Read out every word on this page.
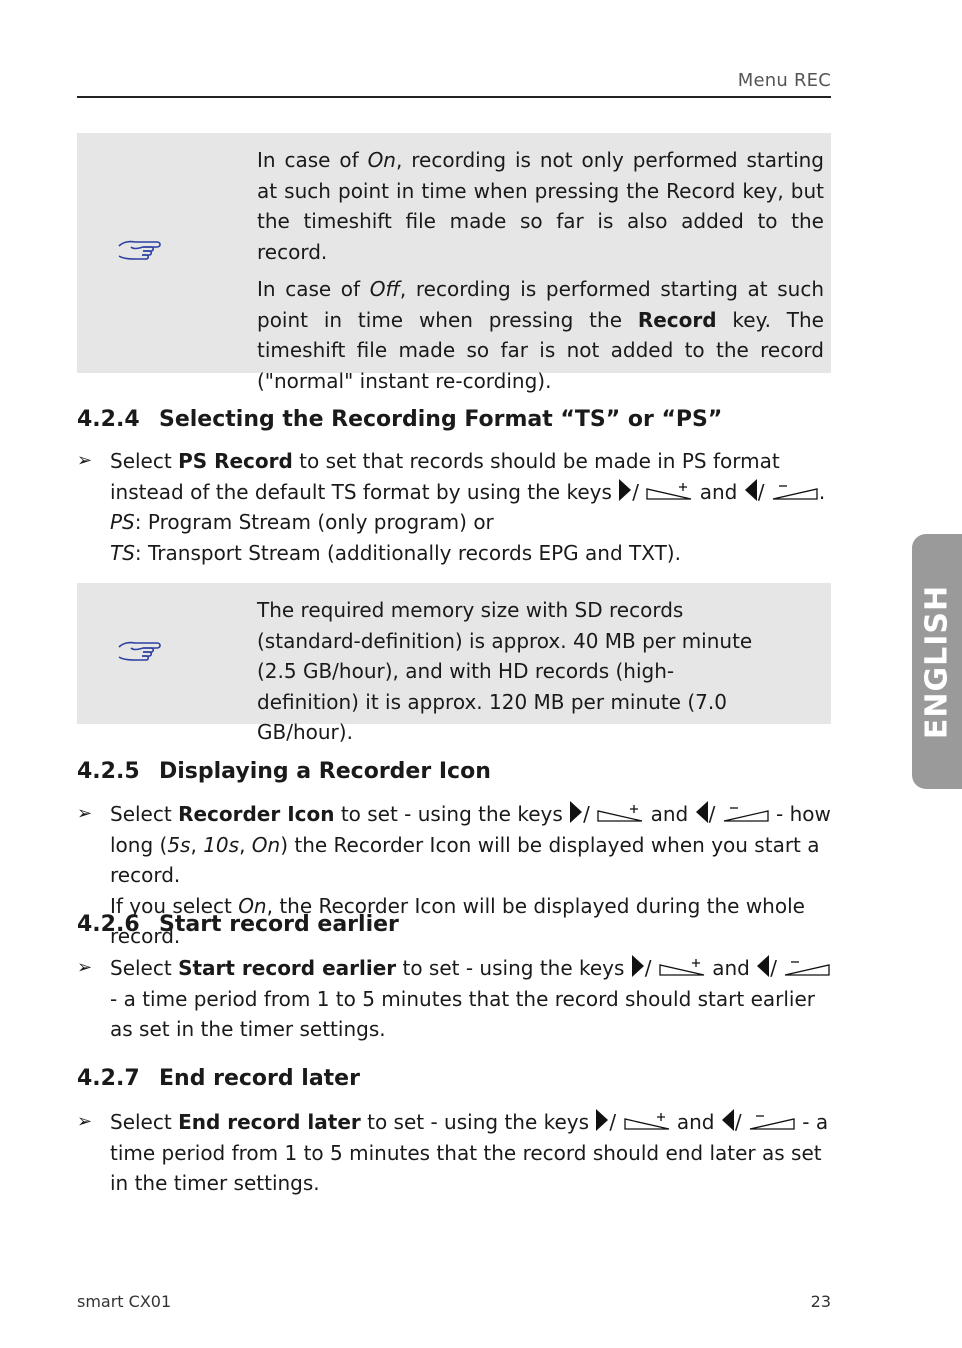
Menu REC

In case of On, recording is not only performed starting at such point in time when pressing the Record key, but the timeshift file made so far is also added to the record.

In case of Off, recording is performed starting at such point in time when pressing the Record key. The timeshift file made so far is not added to the record ("normal" instant re-cording).

4.2.4 Selecting the Recording Format “TS” or “PS”
➢ Select PS Record to set that records should be made in PS format instead of the default TS format by using the keys /  and / .
PS: Program Stream (only program) or
TS: Transport Stream (additionally records EPG and TXT).

The required memory size with SD records (standard-definition) is approx. 40 MB per minute (2.5 GB/hour), and with HD records (high-definition) it is approx. 120 MB per minute (7.0 GB/hour).

4.2.5 Displaying a Recorder Icon
➢ Select Recorder Icon to set - using the keys /  and /  - how long (5s, 10s, On) the Recorder Icon will be displayed when you start a record.
If you select On, the Recorder Icon will be displayed during the whole record.
4.2.6 Start record earlier
➢ Select Start record earlier to set - using the keys /  and /  - a time period from 1 to 5 minutes that the record should start earlier as set in the timer settings.
4.2.7 End record later
➢ Select End record later to set - using the keys /  and /  - a time period from 1 to 5 minutes that the record should end later as set in the timer settings.
ENGLISH
smart CX01	23
